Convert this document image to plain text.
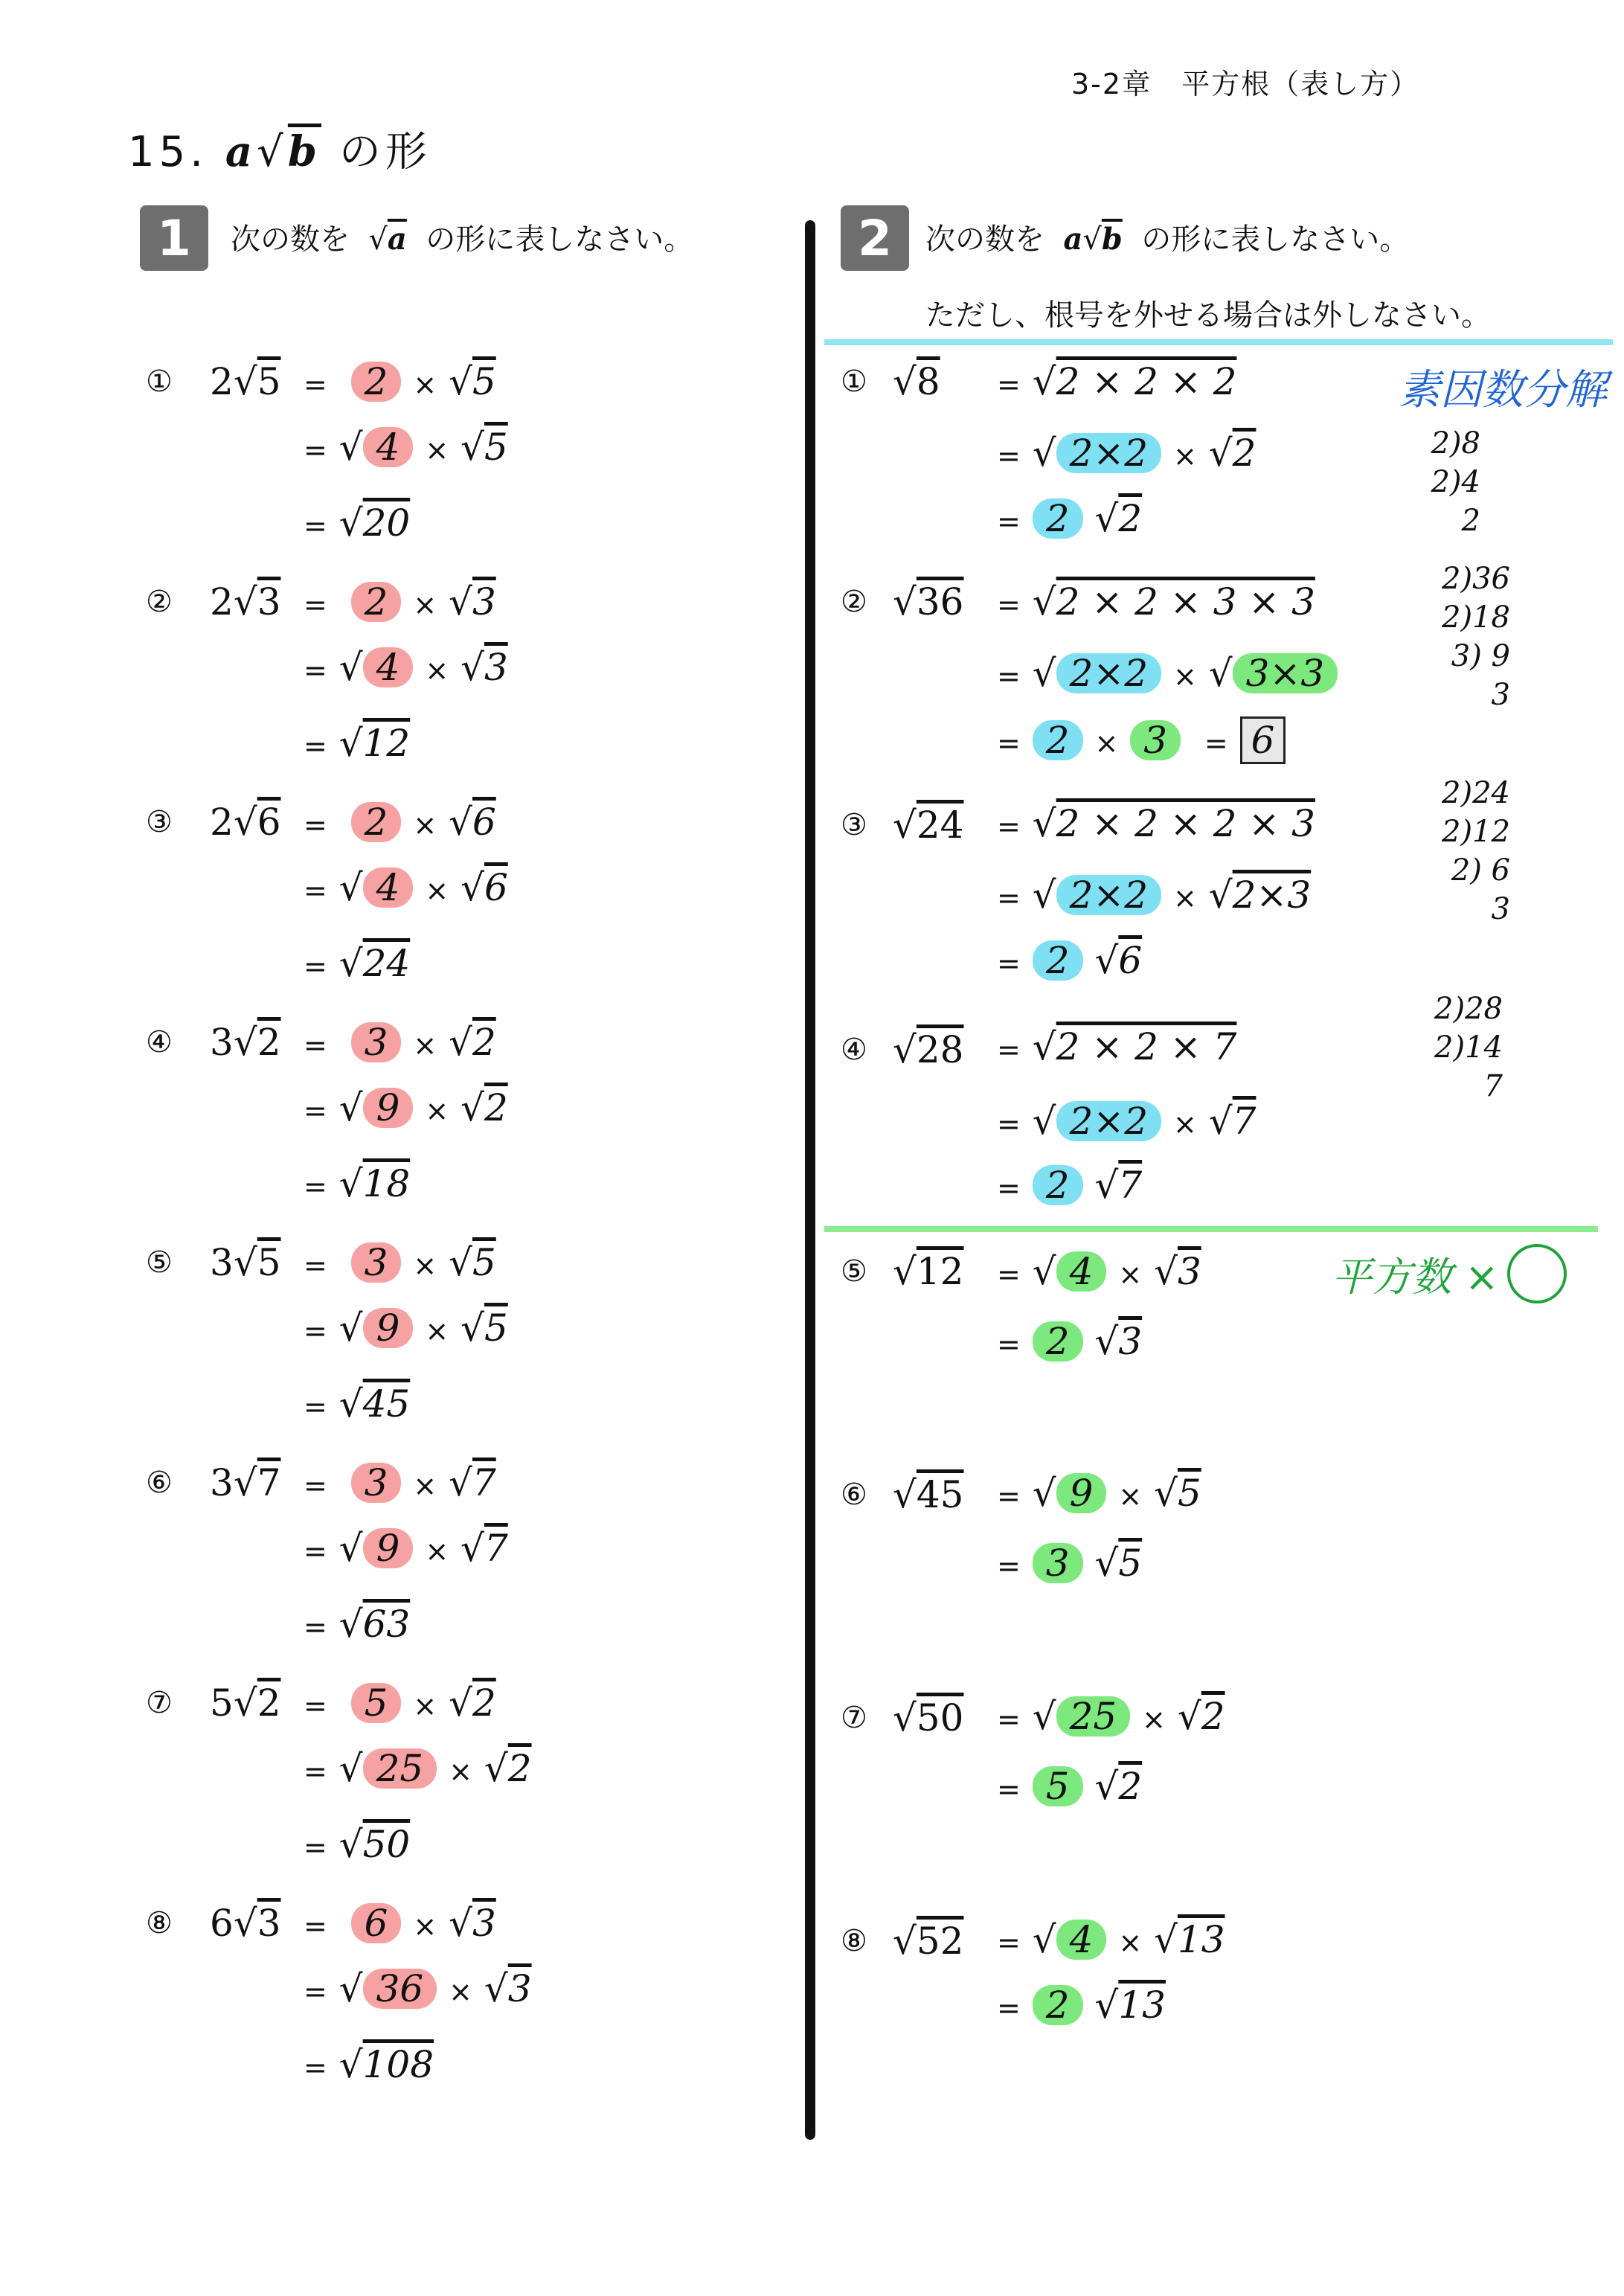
3-2章　平方根（表し方）
15. a√b の形
1	次の数を  √a の形に表しなさい。	2	次の数を a√b の形に表しなさい。
ただし、根号を外せる場合は外しなさい。
① 2√5 = 2 × √5
= √ 4 × √5
= √20
② 2√3 = 2 × √3
= √ 4 × √3
= √12
③ 2√6 = 2 × √6
= √ 4 × √6
= √24
④ 3√2 = 3 × √2
= √ 9 × √2
= √18
⑤ 3√5 = 3 × √5
= √ 9 × √5
= √45
⑥ 3√7 = 3 × √7
= √ 9 × √7
= √63
⑦ 5√2 = 5 × √2
= √ 25 × √2
= √50
⑧ 6√3 = 6 × √3
= √ 36 × √3
= √108
① √8 = √2 × 2 × 2
= √ 2×2 × √2
= 2 √2
② √36 = √2 × 2 × 3 × 3
= √ 2×2 × √ 3×3
= 2 × 3 = 6
③ √24 = √2 × 2 × 2 × 3
= √ 2×2 × √2×3
= 2 √6
④ √28 = √2 × 2 × 7
= √ 2×2 × √7
= 2 √7
⑤ √12 = √ 4 × √3
= 2 √3
⑥ √45 = √ 9 × √5
= 3 √5
⑦ √50 = √ 25 × √2
= 5 √2
⑧ √52 = √ 4 × √13
= 2 √13
素因数分解
平方数 ×
2)8
2)4
2
2)36
2)18
3) 9
3
2)24
2)12
2) 6
3
2)28
2)14
7
